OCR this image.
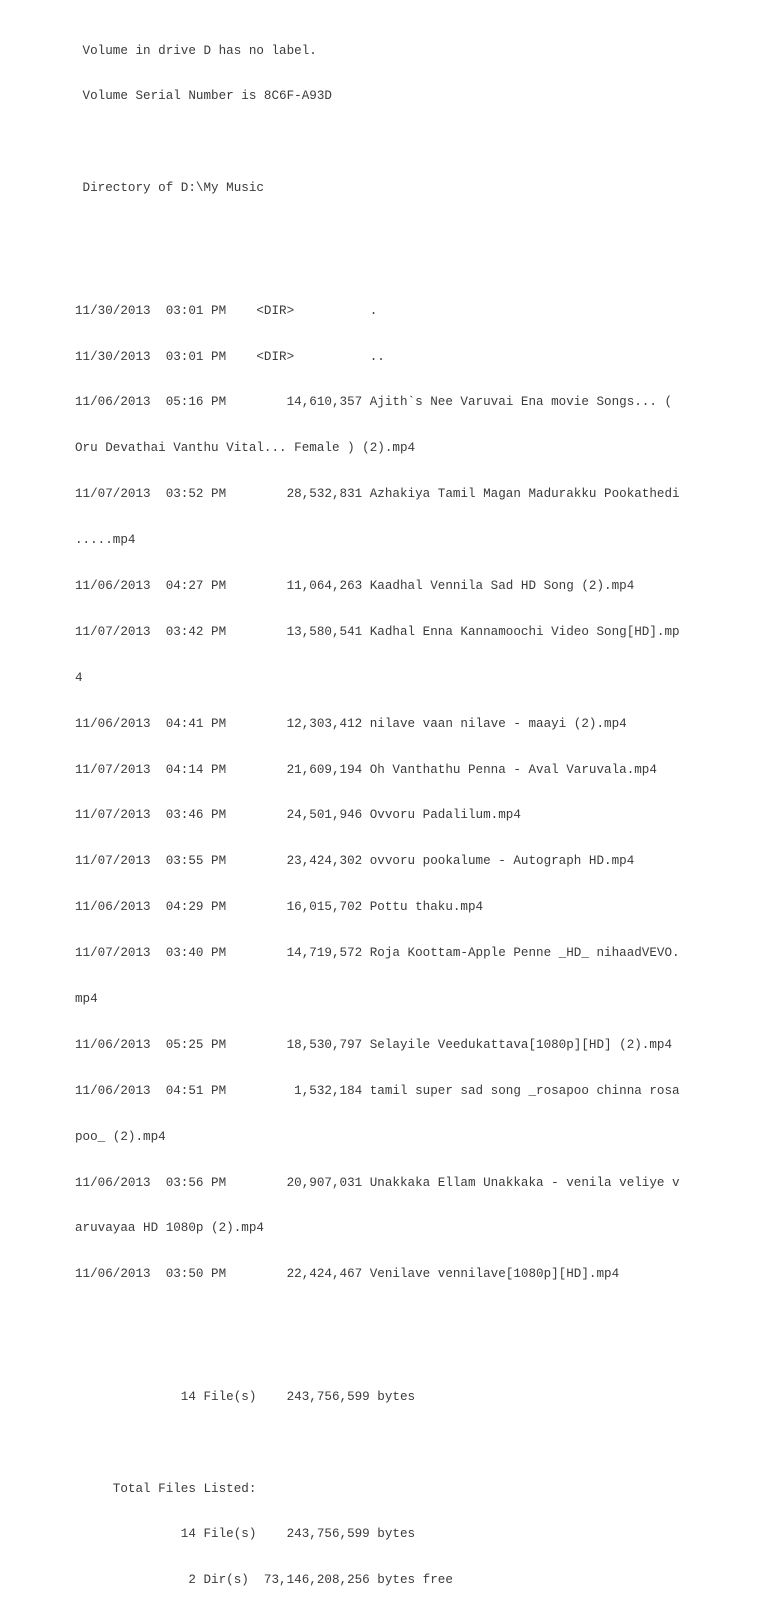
Volume in drive D has no label.

Volume Serial Number is 8C6F-A93D

Directory of D:\My Music

11/30/2013  03:01 PM    <DIR>          .

11/30/2013  03:01 PM    <DIR>          ..

11/06/2013  05:16 PM        14,610,357 Ajith`s Nee Varuvai Ena movie Songs... (

Oru Devathai Vanthu Vital... Female ) (2).mp4

11/07/2013  03:52 PM        28,532,831 Azhakiya Tamil Magan Madurakku Pookathedi

.....mp4

11/06/2013  04:27 PM        11,064,263 Kaadhal Vennila Sad HD Song (2).mp4

11/07/2013  03:42 PM        13,580,541 Kadhal Enna Kannamoochi Video Song[HD].mp

4

11/06/2013  04:41 PM        12,303,412 nilave vaan nilave - maayi (2).mp4

11/07/2013  04:14 PM        21,609,194 Oh Vanthathu Penna - Aval Varuvala.mp4

11/07/2013  03:46 PM        24,501,946 Ovvoru Padalilum.mp4

11/07/2013  03:55 PM        23,424,302 ovvoru pookalume - Autograph HD.mp4

11/06/2013  04:29 PM        16,015,702 Pottu thaku.mp4

11/07/2013  03:40 PM        14,719,572 Roja Koottam-Apple Penne _HD_ nihaadVEVO.

mp4

11/06/2013  05:25 PM        18,530,797 Selayile Veedukattava[1080p][HD] (2).mp4

11/06/2013  04:51 PM         1,532,184 tamil super sad song _rosapoo chinna rosa

poo_ (2).mp4

11/06/2013  03:56 PM        20,907,031 Unakkaka Ellam Unakkaka - venila veliye v

aruvayaa HD 1080p (2).mp4

11/06/2013  03:50 PM        22,424,467 Venilave vennilave[1080p][HD].mp4

14 File(s)    243,756,599 bytes

Total Files Listed:

14 File(s)    243,756,599 bytes

2 Dir(s)  73,146,208,256 bytes free
